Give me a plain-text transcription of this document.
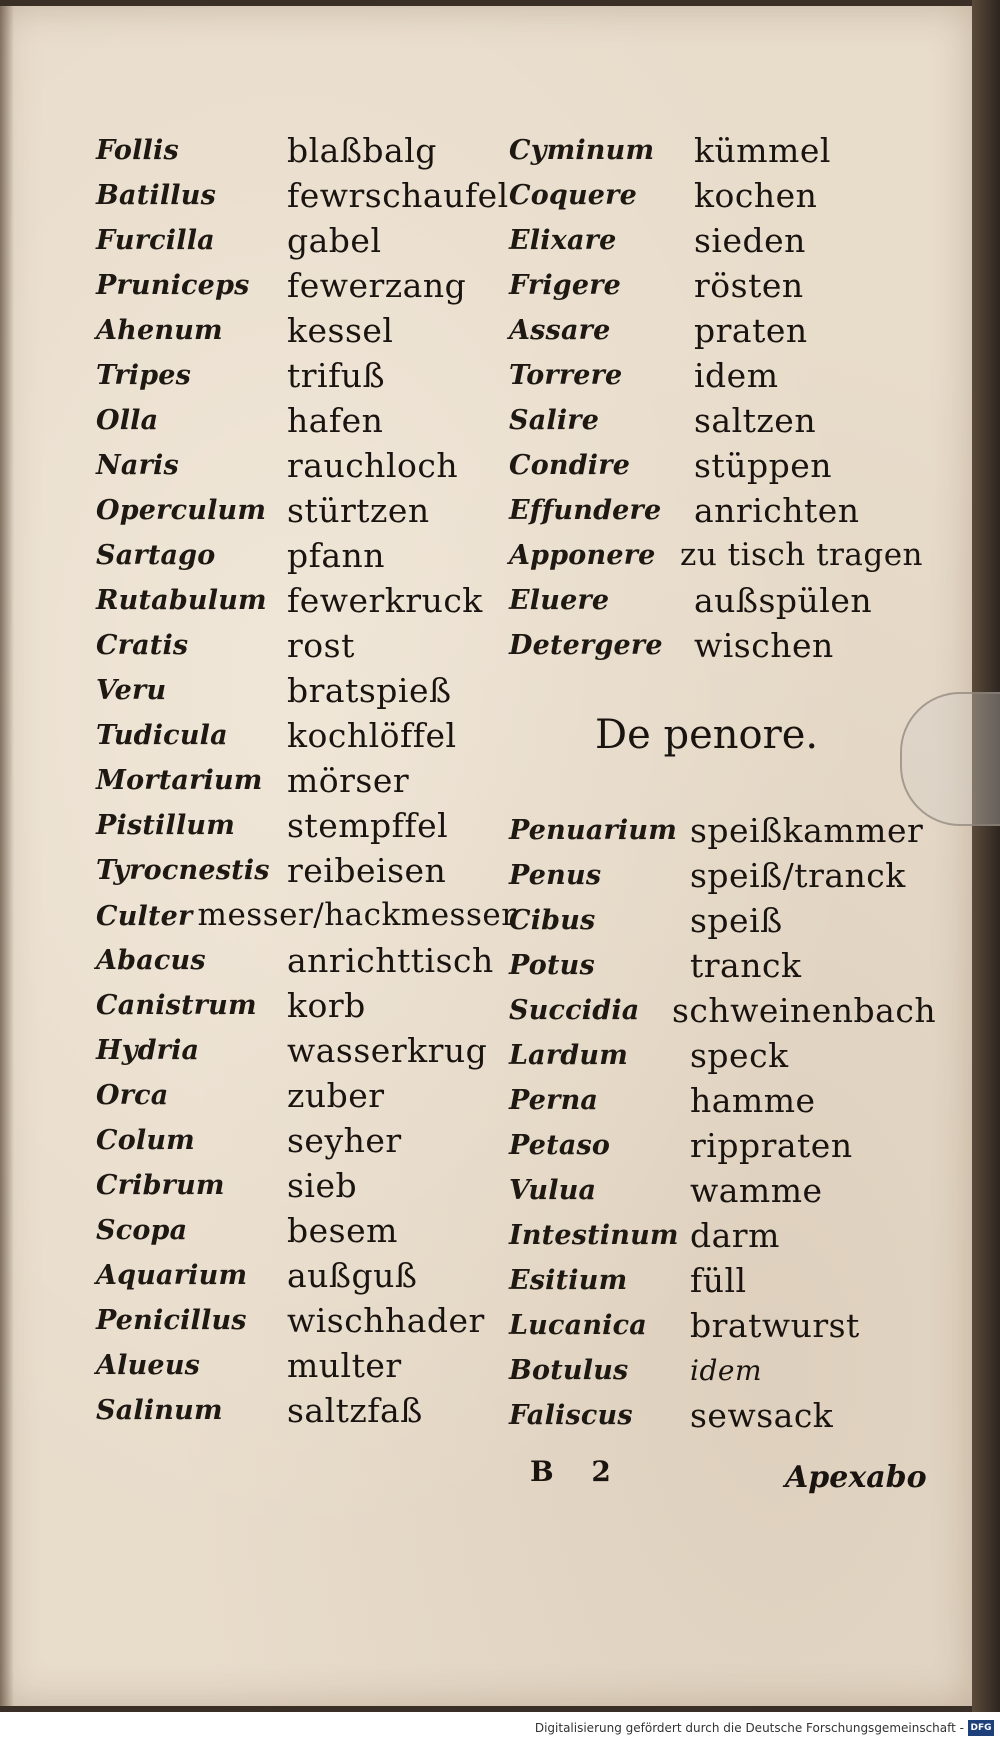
Follis
Batillus
Furcilla
Pruniceps
Ahenum
Tripes
Olla
Naris
Operculum
Sartago
Rutabulum
Cratis
Veru
Tudicula
Mortarium
Pistillum
Tyrocnestis
blaßbalg
fewrschaufel
gabel
fewerzang
kessel
trifuß
hafen
rauchloch
stürtzen
pfann
fewerkruck
rost
bratspieß
kochlöffel
mörser
stempffel
reibeisen
Culter messer/hackmesser
Abacus
Canistrum
Hydria
Orca
Colum
Cribrum
Scopa
Aquarium
Penicillus
Alueus
Salinum
anrichttisch
korb
wasserkrug
zuber
seyher
sieb
besem
außguß
wischhader
multer
saltzfaß
Cyminum
Coquere
Elixare
Frigere
Assare
Torrere
Salire
Condire
Effundere
Apponere
Eluere
Detergere
kümmel
kochen
sieden
rösten
praten
idem
saltzen
stüppen
anrichten
zu tisch tragen
außspülen
wischen
De penore.
Penuarium
Penus
Cibus
Potus
Succidia
Lardum
Perna
Petaso
Vulua
Intestinum
Esitium
Lucanica
Botulus
Faliscus
speißkammer
speiß/tranck
speiß
tranck
schweinenbach
speck
hamme
rippraten
wamme
darm
füll
bratwurst
idem
sewsack
B 2	Apexabo
Digitalisierung gefördert durch die Deutsche Forschungsgemeinschaft - DFG
